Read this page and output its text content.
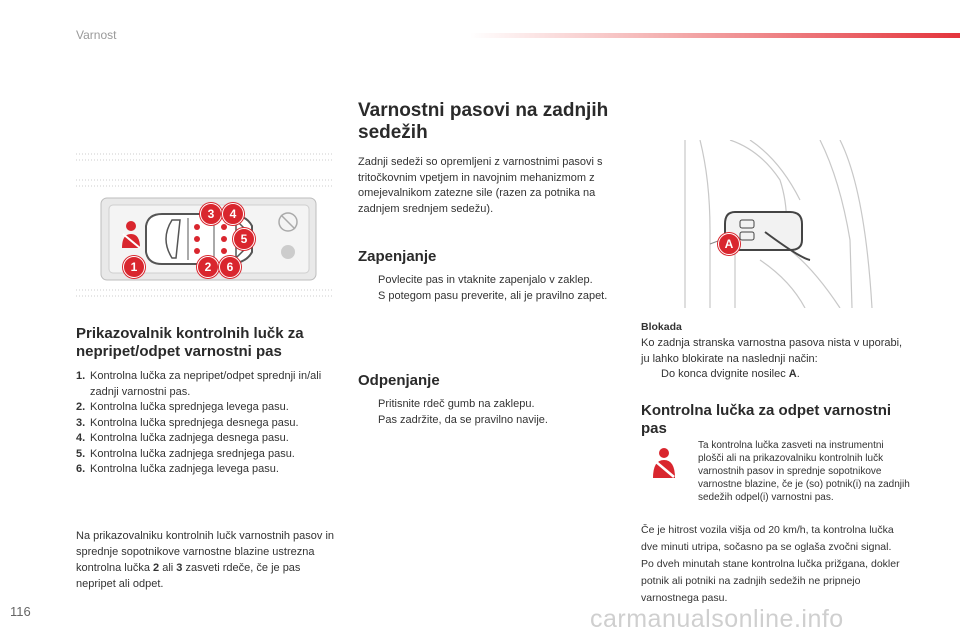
Varnost
1	2
3	4
5
6
Prikazovalnik kontrolnih lučk za nepripet/odpet varnostni pas
1. Kontrolna lučka za nepripet/odpet sprednji in/ali zadnji varnostni pas.
2. Kontrolna lučka sprednjega levega pasu.
3. Kontrolna lučka sprednjega desnega pasu.
4. Kontrolna lučka zadnjega desnega pasu.
5. Kontrolna lučka zadnjega srednjega pasu.
6. Kontrolna lučka zadnjega levega pasu.
Na prikazovalniku kontrolnih lučk varnostnih pasov in sprednje sopotnikove varnostne blazine ustrezna kontrolna lučka 2 ali 3 zasveti rdeče, če je pas nepripet ali odpet.
Varnostni pasovi na zadnjih sedežih
Zadnji sedeži so opremljeni z varnostnimi pasovi s tritočkovnim vpetjem in navojnim mehanizmom z omejevalnikom zatezne sile (razen za potnika na zadnjem srednjem sedežu).
Zapenjanje
Povlecite pas in vtaknite zapenjalo v zaklep.
S potegom pasu preverite, ali je pravilno zapet.
Odpenjanje
Pritisnite rdeč gumb na zaklepu.
Pas zadržite, da se pravilno navije.
A
Blokada
Ko zadnja stranska varnostna pasova nista v uporabi, ju lahko blokirate na naslednji način:
Do konca dvignite nosilec A.
Kontrolna lučka za odpet varnostni pas
Ta kontrolna lučka zasveti na instrumentni plošči ali na prikazovalniku kontrolnih lučk varnostnih pasov in sprednje sopotnikove varnostne blazine, če je (so) potnik(i) na zadnjih sedežih odpel(i) varnostni pas.
Če je hitrost vozila višja od 20 km/h, ta kontrolna lučka dve minuti utripa, sočasno pa se oglaša zvočni signal. Po dveh minutah stane kontrolna lučka prižgana, dokler potnik ali potniki na zadnjih sedežih ne pripnejo varnostnega pasu.
116	carmanualsonline.info
